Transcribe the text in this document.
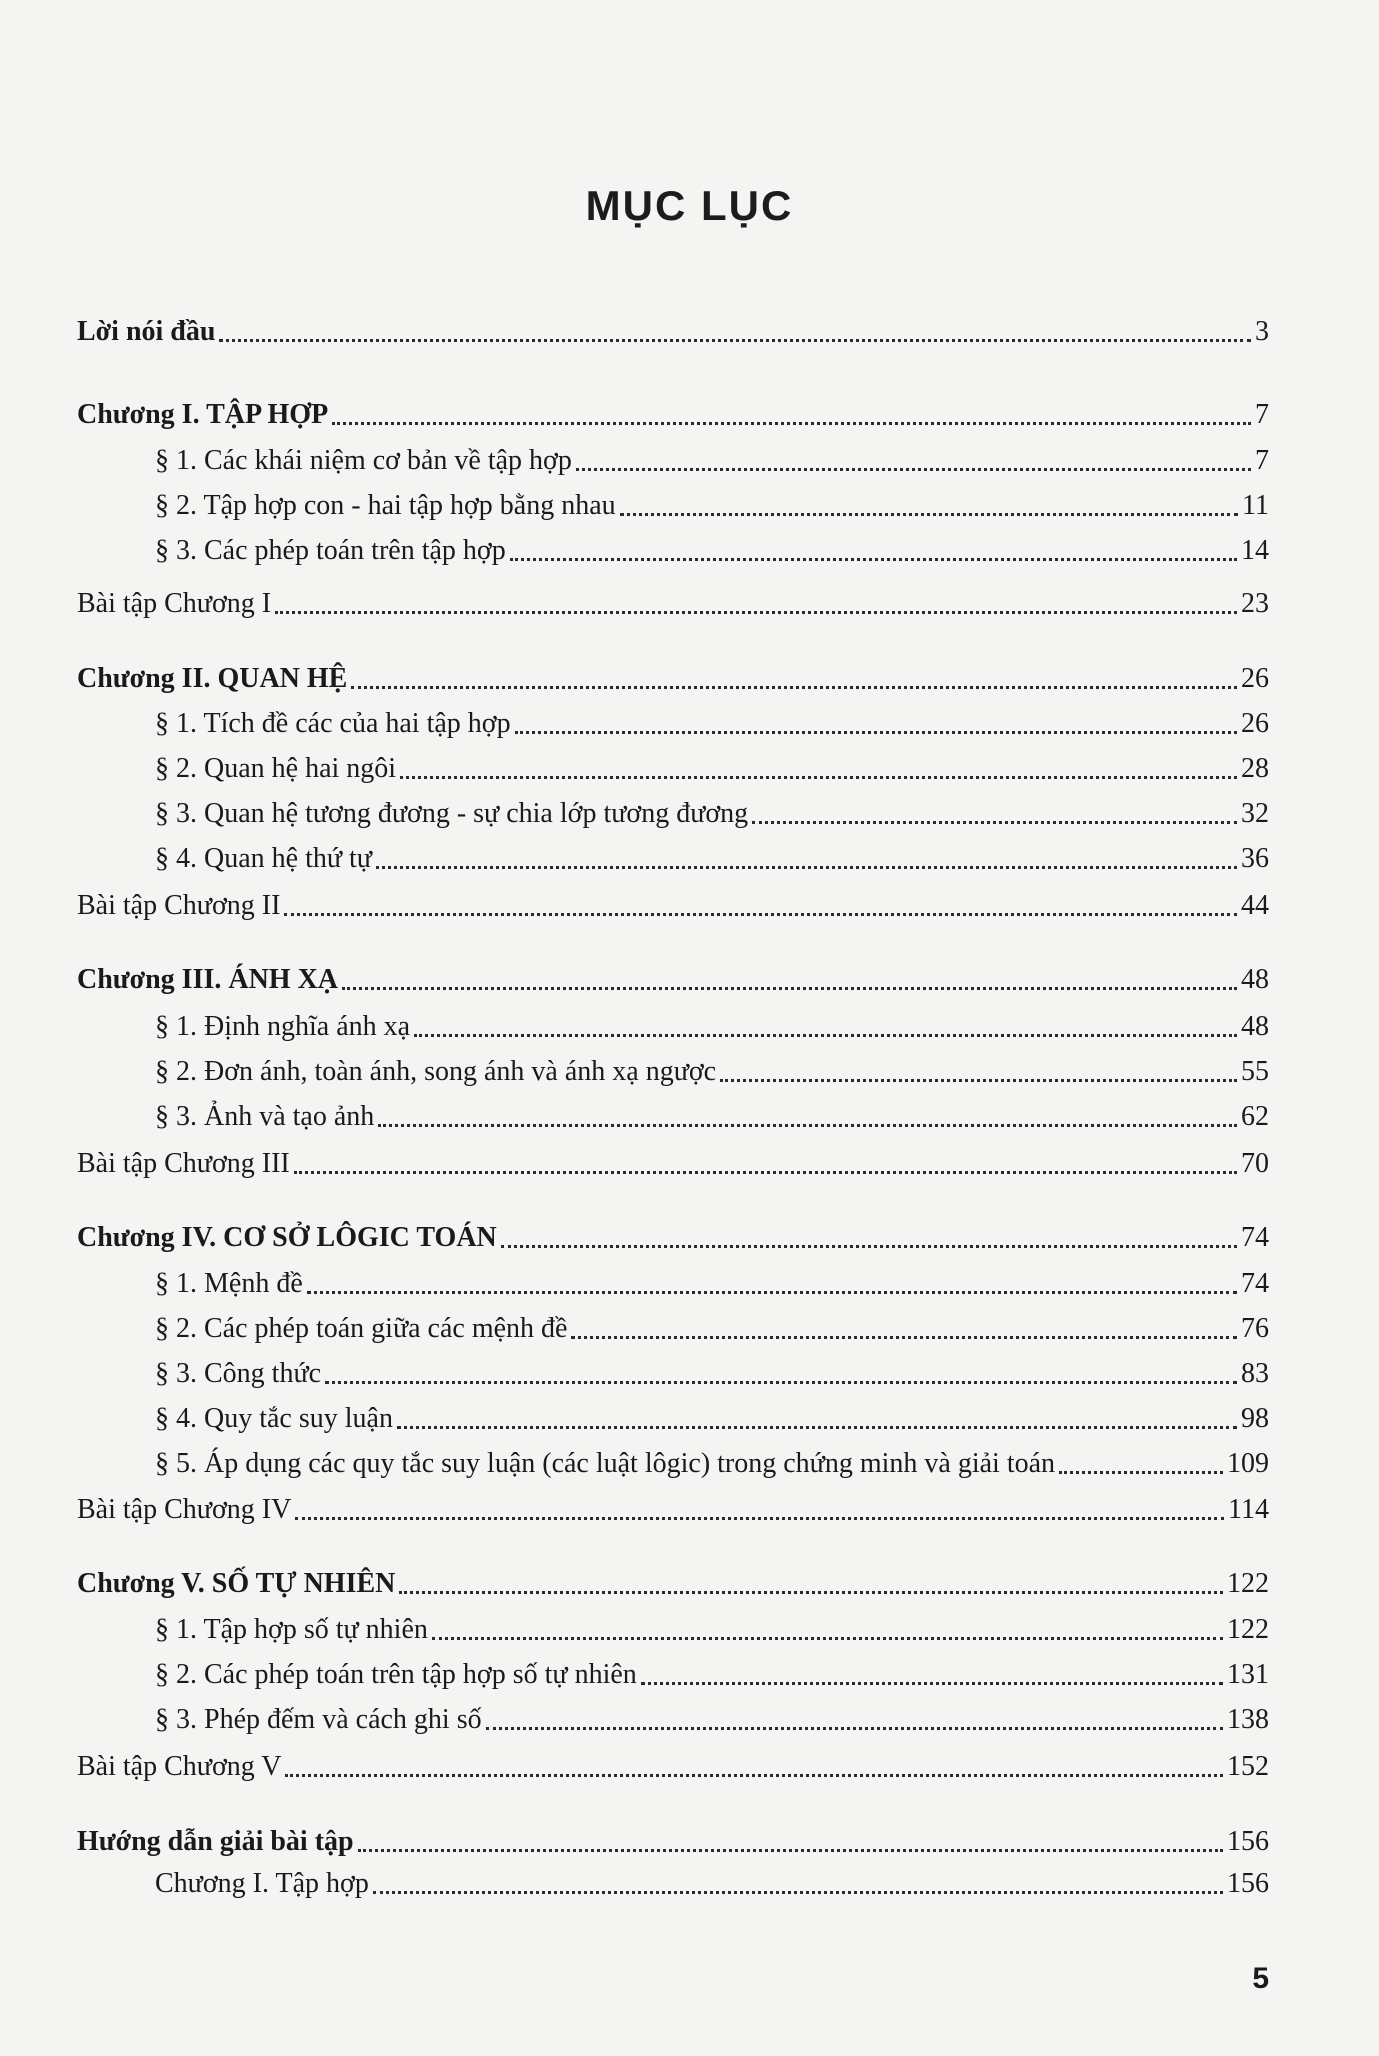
MỤC LỤC
Lời nói đầu	3
Chương I. TẬP HỢP	7
§ 1. Các khái niệm cơ bản về tập hợp	7
§ 2. Tập hợp con - hai tập hợp bằng nhau	11
§ 3. Các phép toán trên tập hợp	14
Bài tập Chương I	23
Chương II. QUAN HỆ	26
§ 1. Tích đề các của hai tập hợp	26
§ 2. Quan hệ hai ngôi	28
§ 3. Quan hệ tương đương - sự chia lớp tương đương	32
§ 4. Quan hệ thứ tự	36
Bài tập Chương II	44
Chương III. ÁNH XẠ	48
§ 1. Định nghĩa ánh xạ	48
§ 2. Đơn ánh, toàn ánh, song ánh và ánh xạ ngược	55
§ 3. Ảnh và tạo ảnh	62
Bài tập Chương III	70
Chương IV. CƠ SỞ LÔGIC TOÁN	74
§ 1. Mệnh đề	74
§ 2. Các phép toán giữa các mệnh đề	76
§ 3. Công thức	83
§ 4. Quy tắc suy luận	98
§ 5. Áp dụng các quy tắc suy luận (các luật lôgic) trong chứng minh và giải toán	109
Bài tập Chương IV	114
Chương V. SỐ TỰ NHIÊN	122
§ 1. Tập hợp số tự nhiên	122
§ 2. Các phép toán trên tập hợp số tự nhiên	131
§ 3. Phép đếm và cách ghi số	138
Bài tập Chương V	152
Hướng dẫn giải bài tập	156
Chương I. Tập hợp	156
5
